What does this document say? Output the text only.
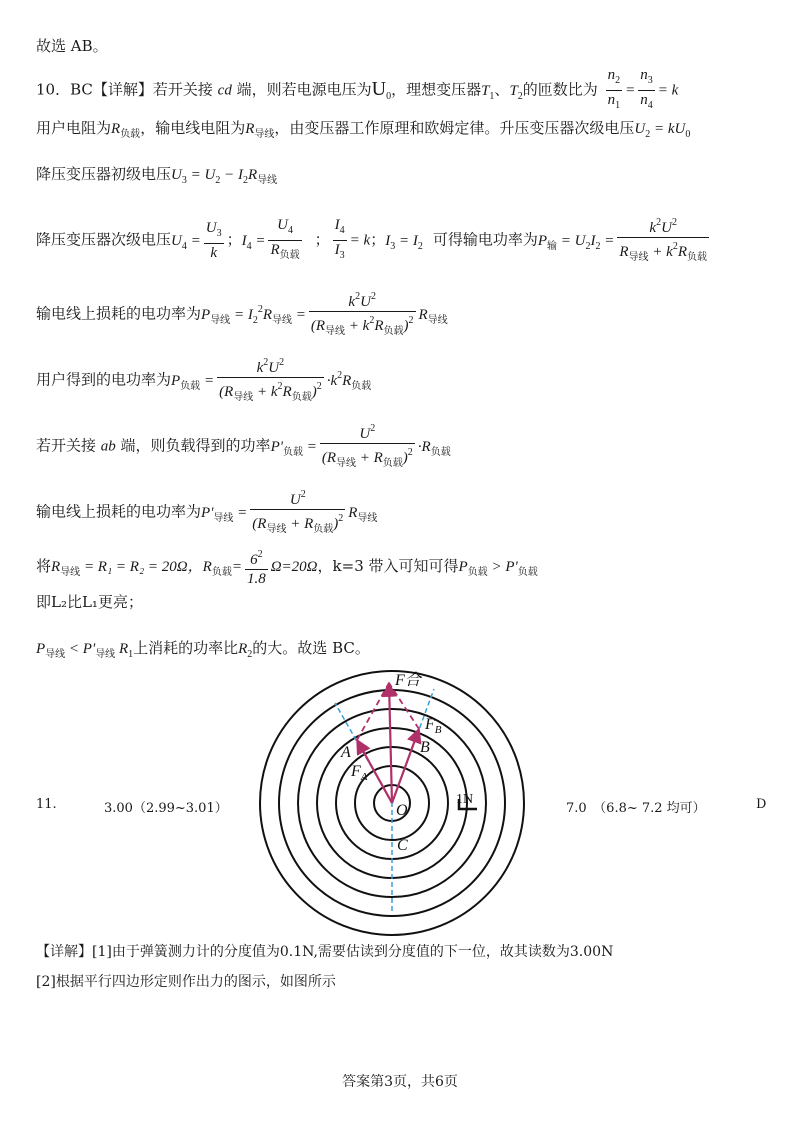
故选 AB。
10．BC【详解】若开关接 cd 端，则若电源电压为$U_0$，理想变压器$T_1$、$T_2$的匝数比为 $\frac{n_2}{n_1} = \frac{n_3}{n_4} = k$
用户电阻为$R_{负载}$，输电线电阻为$R_{导线}$，由变压器工作原理和欧姆定律。升压变压器次级电压$U_2 = kU_0$
降压变压器初级电压$U_3 = U_2 - I_2R_{导线}$
降压变压器次级电压$U_4 = \frac{U_3}{k}$ ；$I_4 = \frac{U_4}{R_{负载}}$ ； $\frac{I_4}{I_3} = k$；$I_3 = I_2$ 可得输电功率为$P_输 = U_2I_2 = \frac{k^2U^2}{R_{导线} + k^2R_{负载}}$
输电线上损耗的电功率为$P_{导线} = I_2^2R_{导线} = \frac{k^2U^2}{(R_{导线} + k^2R_{负载})^2} R_{导线}$
用户得到的电功率为$P_{负载} = \frac{k^2U^2}{(R_{导线} + k^2R_{负载})^2} \cdot k^2R_{负载}$
若开关接 ab 端，则负载得到的功率$P'_{负载} = \frac{U^2}{(R_{导线} + R_{负载})^2} \cdot R_{负载}$
输电线上损耗的电功率为$P'_{导线} = \frac{U^2}{(R_{导线} + R_{负载})^2} R_{导线}$
将$R_{导线} = R_1 = R_2 = 20\Omega$，$R_{负载}= \frac{6^2}{1.8} \Omega=20\Omega$，k=3 带入可知可得$P_{负载} > P'_{负载}$
即L₂比L₁更亮；
$P_{导线} < P'_{导线}$ $R_1$上消耗的功率比$R_2$的大。故选 BC。
11.	3.00（2.99~3.01）	7.0　（6.8~ 7.2 均可）	D
F合
$F_B$
$F_A$
A	B
C
O
1N
【详解】[1]由于弹簧测力计的分度值为0.1N,需要估读到分度值的下一位，故其读数为3.00N
[2]根据平行四边形定则作出力的图示，如图所示
答案第3页，共6页
